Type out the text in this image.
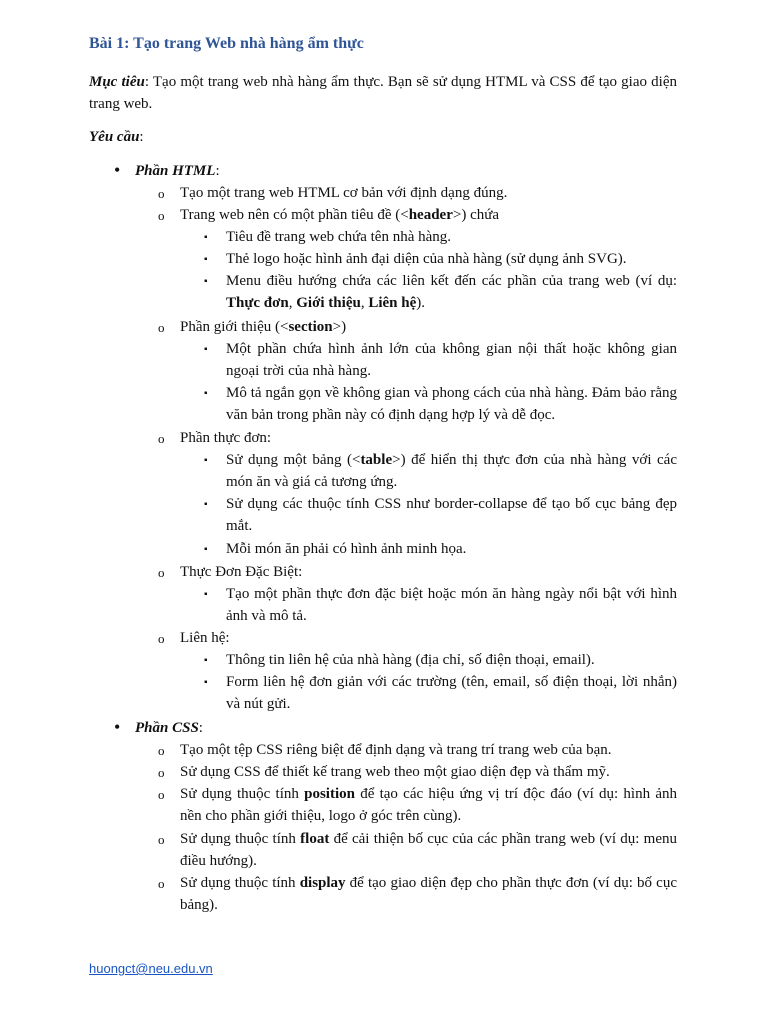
Bài 1: Tạo trang Web nhà hàng ẩm thực
Mục tiêu: Tạo một trang web nhà hàng ẩm thực. Bạn sẽ sử dụng HTML và CSS để tạo giao diện trang web.
Yêu cầu:
• Phần HTML:
o Tạo một trang web HTML cơ bản với định dạng đúng.
o Trang web nên có một phần tiêu đề (<header>) chứa
▪ Tiêu đề trang web chứa tên nhà hàng.
▪ Thẻ logo hoặc hình ảnh đại diện của nhà hàng (sử dụng ảnh SVG).
▪ Menu điều hướng chứa các liên kết đến các phần của trang web (ví dụ: Thực đơn, Giới thiệu, Liên hệ).
o Phần giới thiệu (<section>)
▪ Một phần chứa hình ảnh lớn của không gian nội thất hoặc không gian ngoại trời của nhà hàng.
▪ Mô tả ngắn gọn về không gian và phong cách của nhà hàng. Đảm bảo rằng văn bản trong phần này có định dạng hợp lý và dễ đọc.
o Phần thực đơn:
▪ Sử dụng một bảng (<table>) để hiển thị thực đơn của nhà hàng với các món ăn và giá cả tương ứng.
▪ Sử dụng các thuộc tính CSS như border-collapse để tạo bố cục bảng đẹp mắt.
▪ Mỗi món ăn phải có hình ảnh minh họa.
o Thực Đơn Đặc Biệt:
▪ Tạo một phần thực đơn đặc biệt hoặc món ăn hàng ngày nổi bật với hình ảnh và mô tả.
o Liên hệ:
▪ Thông tin liên hệ của nhà hàng (địa chỉ, số điện thoại, email).
▪ Form liên hệ đơn giản với các trường (tên, email, số điện thoại, lời nhắn) và nút gửi.
• Phần CSS:
o Tạo một tệp CSS riêng biệt để định dạng và trang trí trang web của bạn.
o Sử dụng CSS để thiết kế trang web theo một giao diện đẹp và thẩm mỹ.
o Sử dụng thuộc tính position để tạo các hiệu ứng vị trí độc đáo (ví dụ: hình ảnh nền cho phần giới thiệu, logo ở góc trên cùng).
o Sử dụng thuộc tính float để cải thiện bố cục của các phần trang web (ví dụ: menu điều hướng).
o Sử dụng thuộc tính display để tạo giao diện đẹp cho phần thực đơn (ví dụ: bố cục bảng).
huongct@neu.edu.vn
